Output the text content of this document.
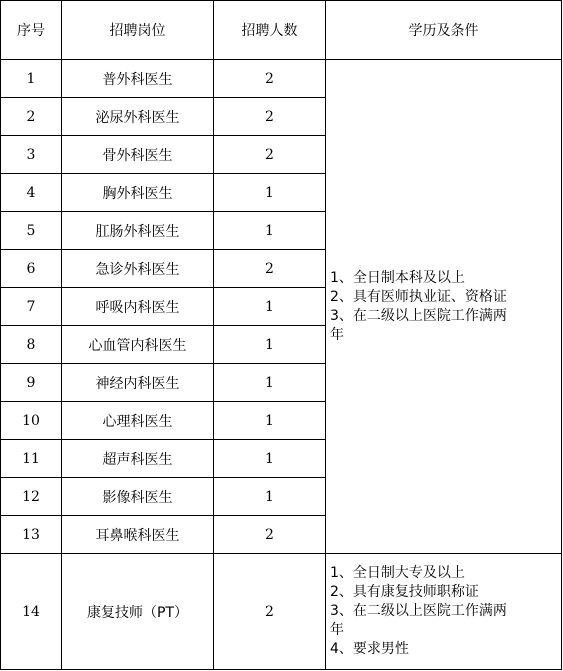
序号	招聘岗位	招聘人数	学历及条件
1	普外科医生	2	1、全日制本科及以上
2、具有医师执业证、资格证
3、在二级以上医院工作满两
年

2	泌尿外科医生	2	
3	骨外科医生	2	
4	胸外科医生	1	
5	肛肠外科医生	1	
6	急诊外科医生	2	
7	呼吸内科医生	1	
8	心血管内科医生	1	
9	神经内科医生	1	
10	心理科医生	1	
11	超声科医生	1	
12	影像科医生	1	
13	耳鼻喉科医生	2	
14	康复技师（PT）	2	1、全日制大专及以上
2、具有康复技师职称证
3、在二级以上医院工作满两
年
4、要求男性
